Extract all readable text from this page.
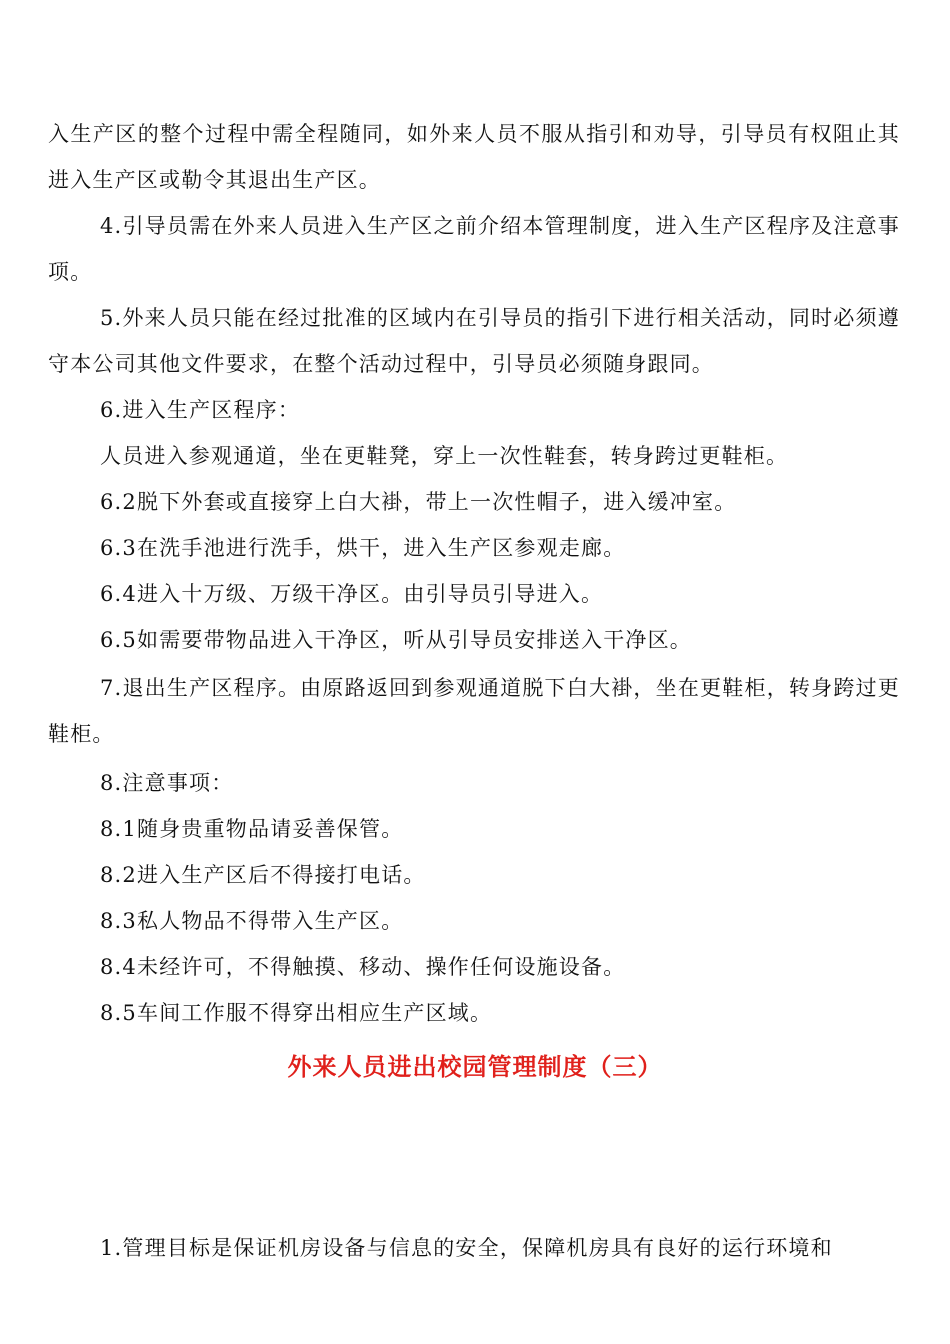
入生产区的整个过程中需全程随同，如外来人员不服从指引和劝导，引导员有权阻止其进入生产区或勒令其退出生产区。

4.引导员需在外来人员进入生产区之前介绍本管理制度，进入生产区程序及注意事项。

5.外来人员只能在经过批准的区域内在引导员的指引下进行相关活动，同时必须遵守本公司其他文件要求，在整个活动过程中，引导员必须随身跟同。

6.进入生产区程序：

人员进入参观通道，坐在更鞋凳，穿上一次性鞋套，转身跨过更鞋柜。

6.2脱下外套或直接穿上白大褂，带上一次性帽子，进入缓冲室。

6.3在洗手池进行洗手，烘干，进入生产区参观走廊。

6.4进入十万级、万级干净区。由引导员引导进入。

6.5如需要带物品进入干净区，听从引导员安排送入干净区。

7.退出生产区程序。由原路返回到参观通道脱下白大褂，坐在更鞋柜，转身跨过更鞋柜。

8.注意事项：

8.1随身贵重物品请妥善保管。

8.2进入生产区后不得接打电话。

8.3私人物品不得带入生产区。

8.4未经许可，不得触摸、移动、操作任何设施设备。

8.5车间工作服不得穿出相应生产区域。

外来人员进出校园管理制度（三）

1.管理目标是保证机房设备与信息的安全，保障机房具有良好的运行环境和
